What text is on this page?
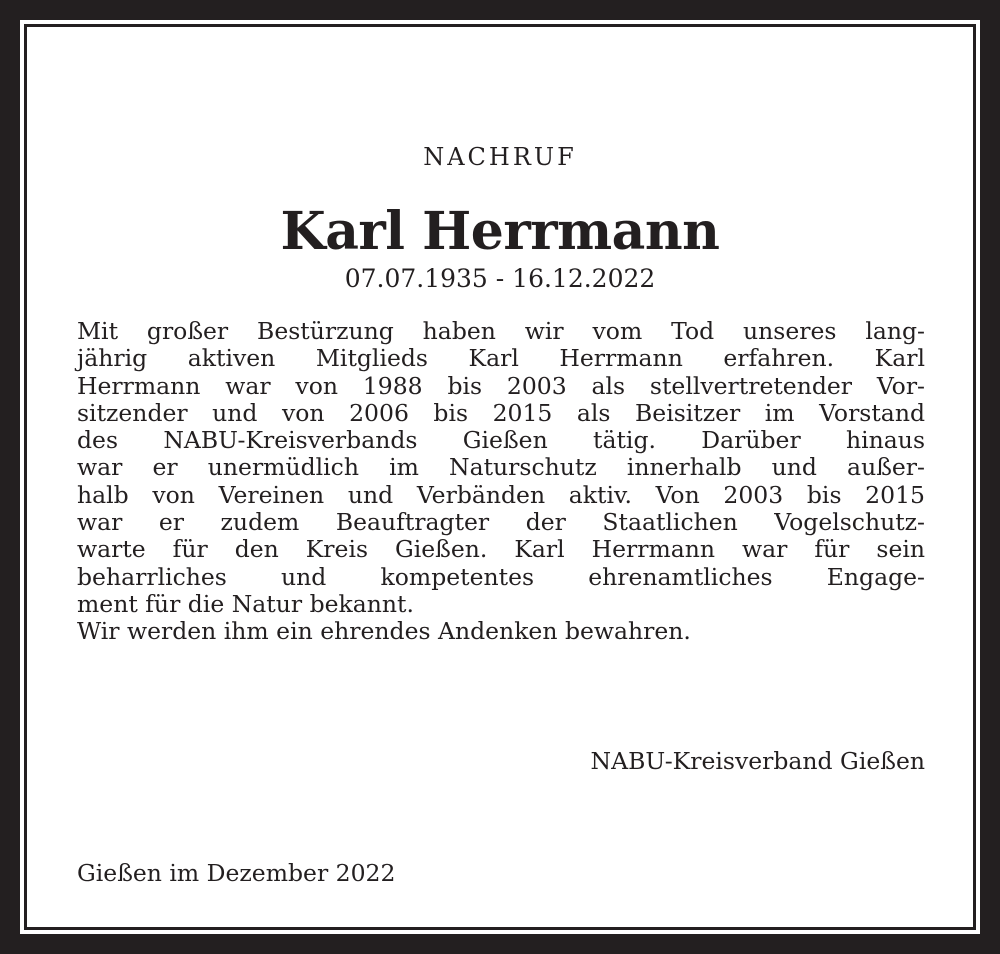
NACHRUF
Karl Herrmann
07.07.1935 - 16.12.2022
Mit großer Bestürzung haben wir vom Tod unseres lang-
jährig aktiven Mitglieds Karl Herrmann erfahren. Karl
Herrmann war von 1988 bis 2003 als stellvertretender Vor-
sitzender und von 2006 bis 2015 als Beisitzer im Vorstand
des NABU-Kreisverbands Gießen tätig. Darüber hinaus
war er unermüdlich im Naturschutz innerhalb und außer-
halb von Vereinen und Verbänden aktiv. Von 2003 bis 2015
war er zudem Beauftragter der Staatlichen Vogelschutz-
warte für den Kreis Gießen. Karl Herrmann war für sein
beharrliches und kompetentes ehrenamtliches Engage-
ment für die Natur bekannt.
Wir werden ihm ein ehrendes Andenken bewahren.
NABU-Kreisverband Gießen
Gießen im Dezember 2022
